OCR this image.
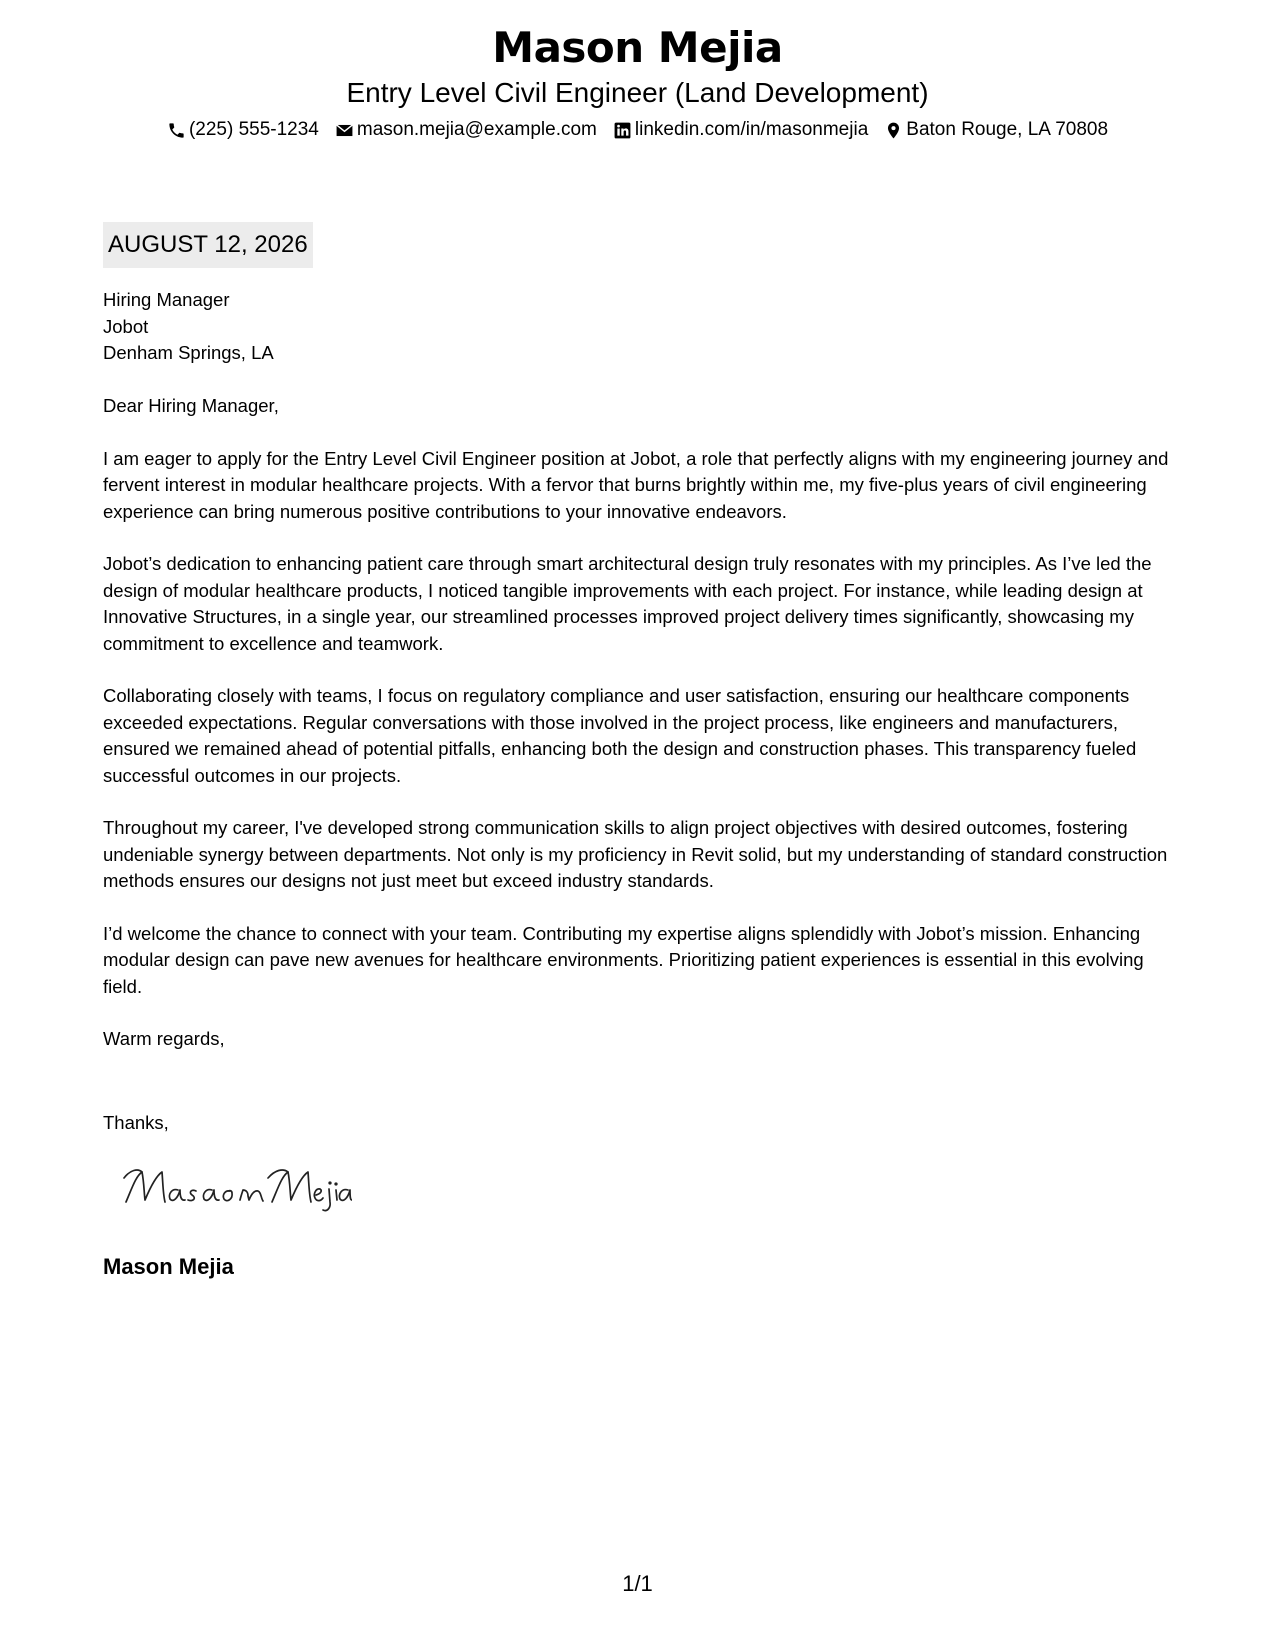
Mason Mejia
Entry Level Civil Engineer (Land Development)
(225) 555-1234 mason.mejia@example.com linkedin.com/in/masonmejia Baton Rouge, LA 70808
AUGUST 12, 2026
Hiring Manager
Jobot
Denham Springs, LA

Dear Hiring Manager,

I am eager to apply for the Entry Level Civil Engineer position at Jobot, a role that perfectly aligns with my engineering journey and fervent interest in modular healthcare projects. With a fervor that burns brightly within me, my five-plus years of civil engineering experience can bring numerous positive contributions to your innovative endeavors.

Jobot’s dedication to enhancing patient care through smart architectural design truly resonates with my principles. As I’ve led the design of modular healthcare products, I noticed tangible improvements with each project. For instance, while leading design at Innovative Structures, in a single year, our streamlined processes improved project delivery times significantly, showcasing my commitment to excellence and teamwork.

Collaborating closely with teams, I focus on regulatory compliance and user satisfaction, ensuring our healthcare components exceeded expectations. Regular conversations with those involved in the project process, like engineers and manufacturers, ensured we remained ahead of potential pitfalls, enhancing both the design and construction phases. This transparency fueled successful outcomes in our projects.

Throughout my career, I've developed strong communication skills to align project objectives with desired outcomes, fostering undeniable synergy between departments. Not only is my proficiency in Revit solid, but my understanding of standard construction methods ensures our designs not just meet but exceed industry standards.

I’d welcome the chance to connect with your team. Contributing my expertise aligns splendidly with Jobot’s mission. Enhancing modular design can pave new avenues for healthcare environments. Prioritizing patient experiences is essential in this evolving field.

Warm regards,

Thanks,
Mason Mejia
1/1
